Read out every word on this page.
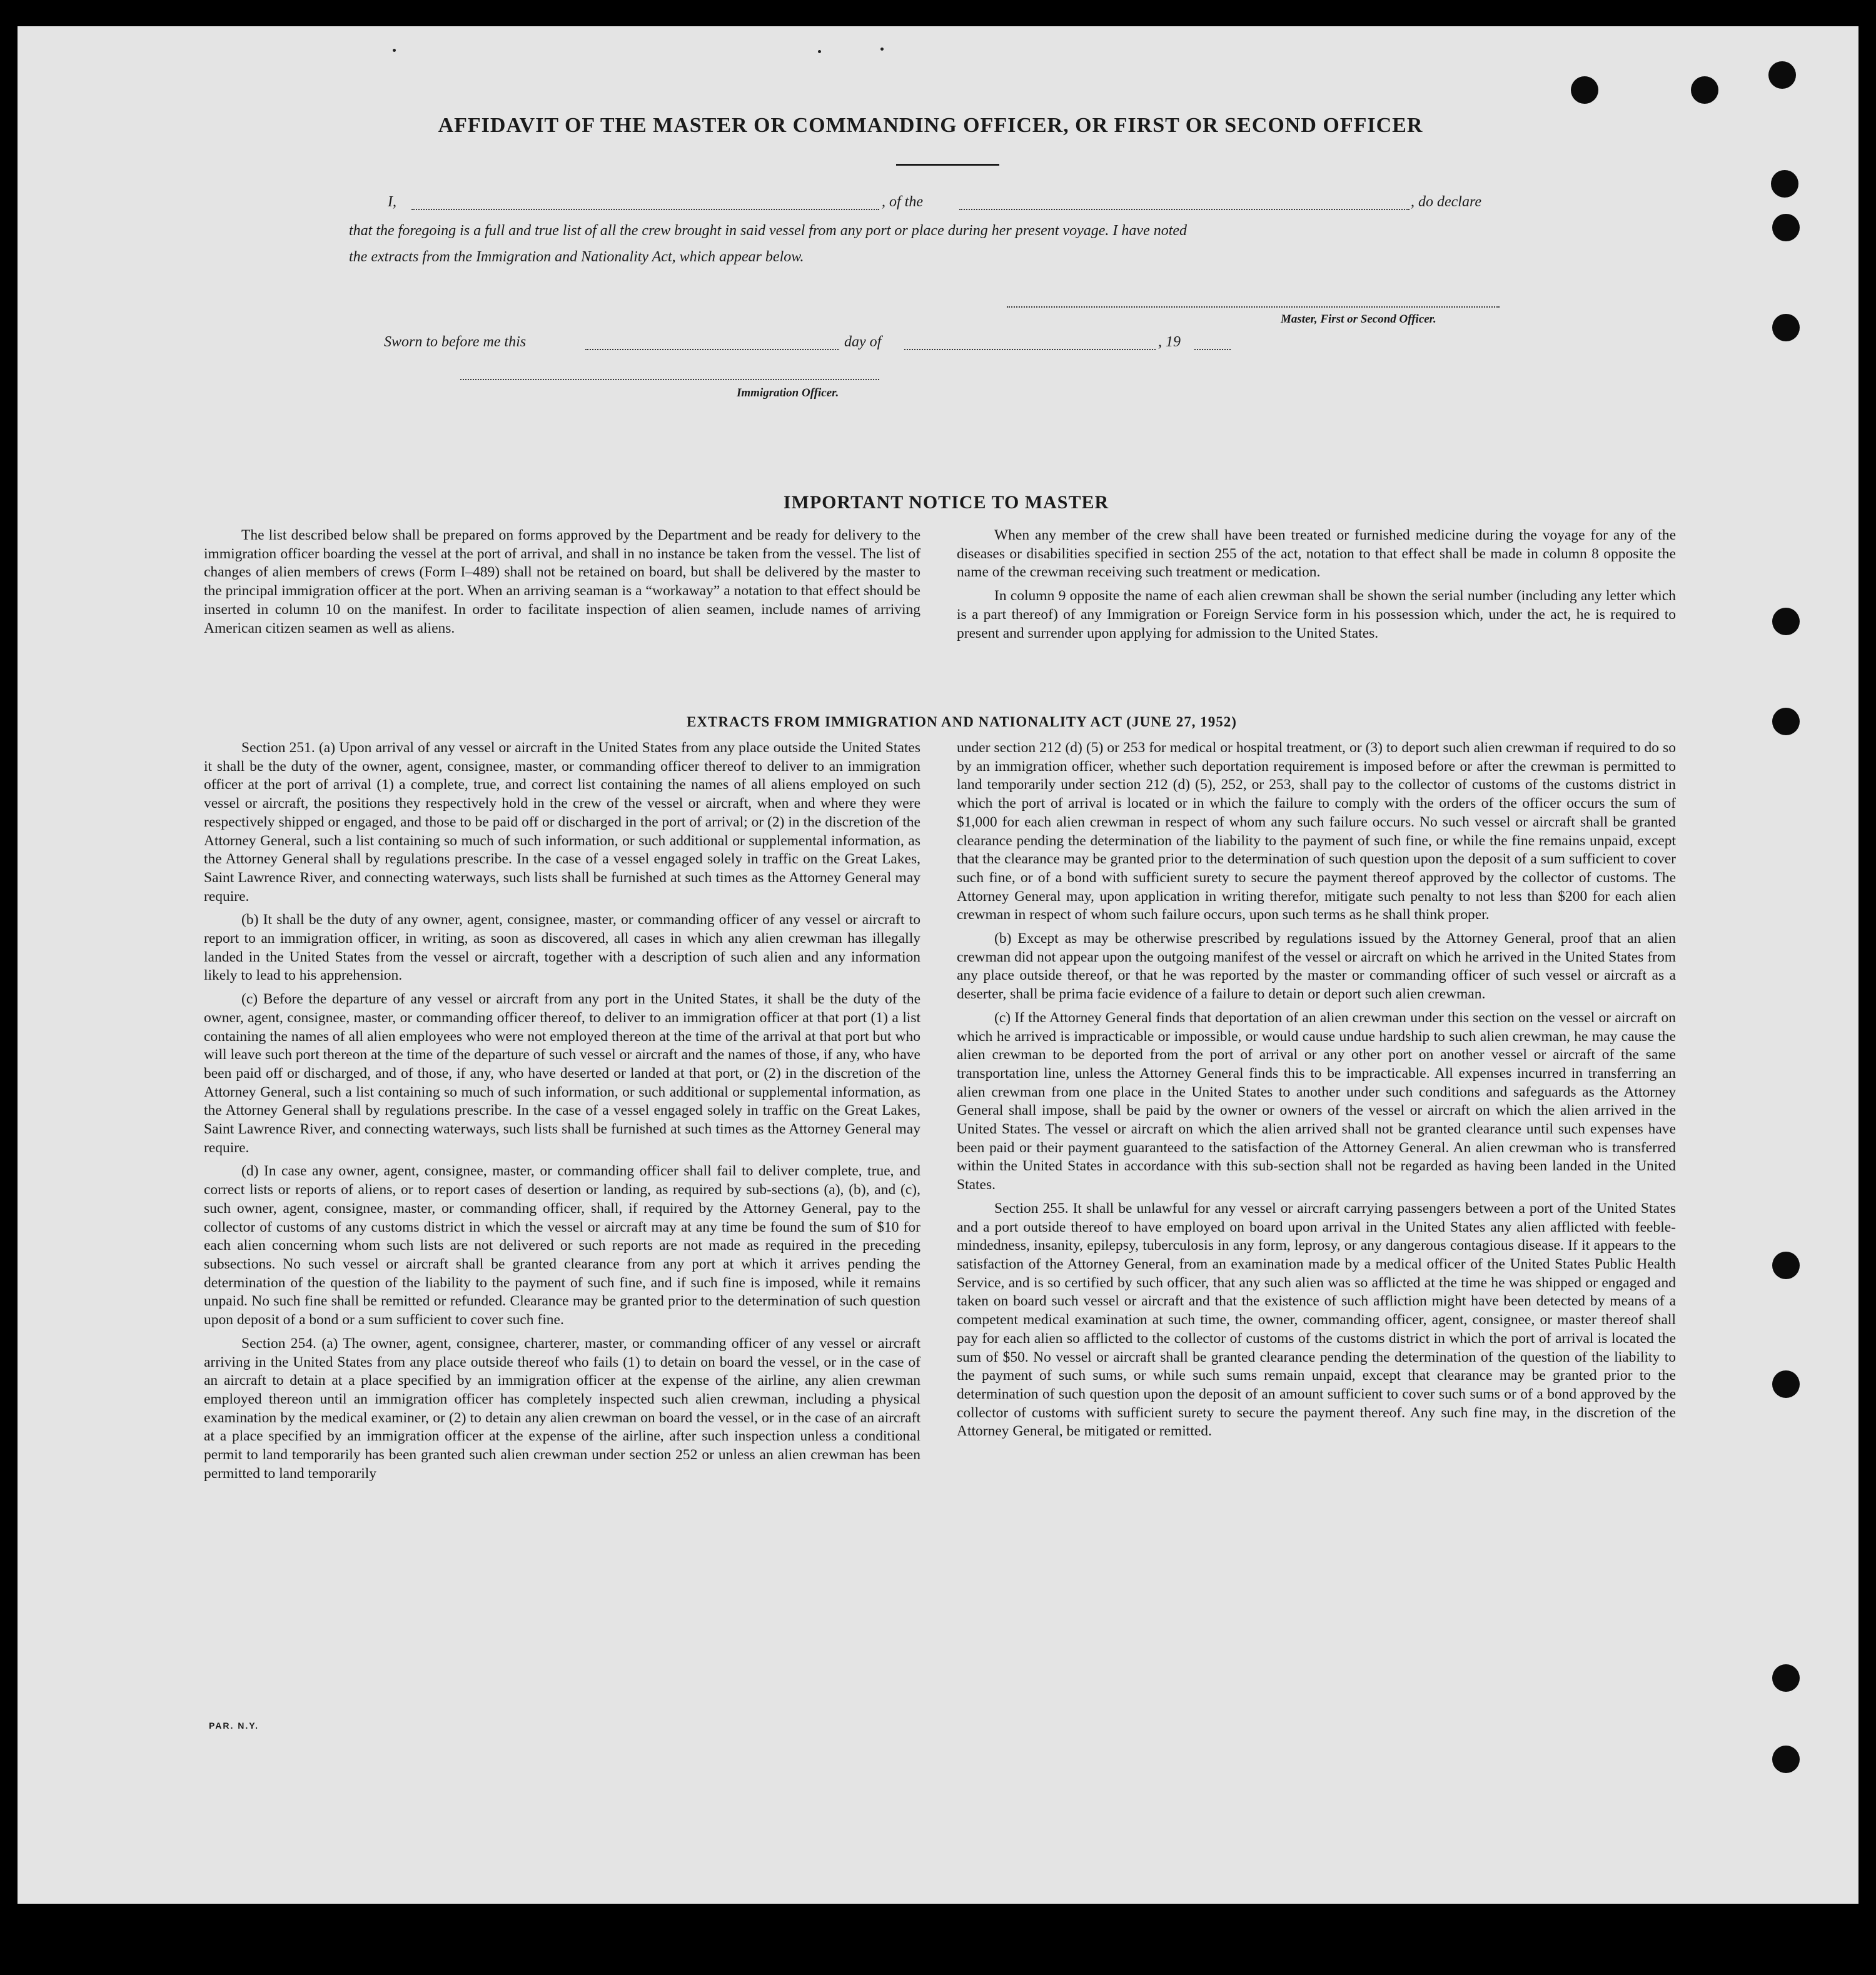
AFFIDAVIT OF THE MASTER OR COMMANDING OFFICER, OR FIRST OR SECOND OFFICER
I,	, of the	, do declare
that the foregoing is a full and true list of all the crew brought in said vessel from any port or place during her present voyage. I have noted
the extracts from the Immigration and Nationality Act, which appear below.
Master, First or Second Officer.
Sworn to before me this	day of	, 19
Immigration Officer.
IMPORTANT NOTICE TO MASTER

The list described below shall be prepared on forms approved by the Department and be ready for delivery to the immigration officer boarding the vessel at the port of arrival, and shall in no instance be taken from the vessel. The list of changes of alien members of crews (Form I–489) shall not be retained on board, but shall be delivered by the master to the principal immigration officer at the port. When an arriving seaman is a “workaway” a notation to that effect should be inserted in column 10 on the manifest. In order to facilitate inspection of alien seamen, include names of arriving American citizen seamen as well as aliens.

When any member of the crew shall have been treated or furnished medicine during the voyage for any of the diseases or disabilities specified in section 255 of the act, notation to that effect shall be made in column 8 opposite the name of the crewman receiving such treatment or medication.

In column 9 opposite the name of each alien crewman shall be shown the serial number (including any letter which is a part thereof) of any Immigration or Foreign Service form in his possession which, under the act, he is required to present and surrender upon applying for admission to the United States.

EXTRACTS FROM IMMIGRATION AND NATIONALITY ACT (JUNE 27, 1952)

Section 251. (a) Upon arrival of any vessel or aircraft in the United States from any place outside the United States it shall be the duty of the owner, agent, consignee, master, or commanding officer thereof to deliver to an immigration officer at the port of arrival (1) a complete, true, and correct list containing the names of all aliens employed on such vessel or aircraft, the positions they respectively hold in the crew of the vessel or aircraft, when and where they were respectively shipped or engaged, and those to be paid off or discharged in the port of arrival; or (2) in the discretion of the Attorney General, such a list containing so much of such information, or such additional or supplemental information, as the Attorney General shall by regulations prescribe. In the case of a vessel engaged solely in traffic on the Great Lakes, Saint Lawrence River, and connecting waterways, such lists shall be furnished at such times as the Attorney General may require.

(b) It shall be the duty of any owner, agent, consignee, master, or commanding officer of any vessel or aircraft to report to an immigration officer, in writing, as soon as discovered, all cases in which any alien crewman has illegally landed in the United States from the vessel or aircraft, together with a description of such alien and any information likely to lead to his apprehension.

(c) Before the departure of any vessel or aircraft from any port in the United States, it shall be the duty of the owner, agent, consignee, master, or commanding officer thereof, to deliver to an immigration officer at that port (1) a list containing the names of all alien employees who were not employed thereon at the time of the arrival at that port but who will leave such port thereon at the time of the departure of such vessel or aircraft and the names of those, if any, who have been paid off or discharged, and of those, if any, who have deserted or landed at that port, or (2) in the discretion of the Attorney General, such a list containing so much of such information, or such additional or supplemental information, as the Attorney General shall by regulations prescribe. In the case of a vessel engaged solely in traffic on the Great Lakes, Saint Lawrence River, and connecting waterways, such lists shall be furnished at such times as the Attorney General may require.

(d) In case any owner, agent, consignee, master, or commanding officer shall fail to deliver complete, true, and correct lists or reports of aliens, or to report cases of desertion or landing, as required by sub-sections (a), (b), and (c), such owner, agent, consignee, master, or commanding officer, shall, if required by the Attorney General, pay to the collector of customs of any customs district in which the vessel or aircraft may at any time be found the sum of $10 for each alien concerning whom such lists are not delivered or such reports are not made as required in the preceding subsections. No such vessel or aircraft shall be granted clearance from any port at which it arrives pending the determination of the question of the liability to the payment of such fine, and if such fine is imposed, while it remains unpaid. No such fine shall be remitted or refunded. Clearance may be granted prior to the determination of such question upon deposit of a bond or a sum sufficient to cover such fine.

Section 254. (a) The owner, agent, consignee, charterer, master, or commanding officer of any vessel or aircraft arriving in the United States from any place outside thereof who fails (1) to detain on board the vessel, or in the case of an aircraft to detain at a place specified by an immigration officer at the expense of the airline, any alien crewman employed thereon until an immigration officer has completely inspected such alien crewman, including a physical examination by the medical examiner, or (2) to detain any alien crewman on board the vessel, or in the case of an aircraft at a place specified by an immigration officer at the expense of the airline, after such inspection unless a conditional permit to land temporarily has been granted such alien crewman under section 252 or unless an alien crewman has been permitted to land temporarily

under section 212 (d) (5) or 253 for medical or hospital treatment, or (3) to deport such alien crewman if required to do so by an immigration officer, whether such deportation requirement is imposed before or after the crewman is permitted to land temporarily under section 212 (d) (5), 252, or 253, shall pay to the collector of customs of the customs district in which the port of arrival is located or in which the failure to comply with the orders of the officer occurs the sum of $1,000 for each alien crewman in respect of whom any such failure occurs. No such vessel or aircraft shall be granted clearance pending the determination of the liability to the payment of such fine, or while the fine remains unpaid, except that the clearance may be granted prior to the determination of such question upon the deposit of a sum sufficient to cover such fine, or of a bond with sufficient surety to secure the payment thereof approved by the collector of customs. The Attorney General may, upon application in writing therefor, mitigate such penalty to not less than $200 for each alien crewman in respect of whom such failure occurs, upon such terms as he shall think proper.

(b) Except as may be otherwise prescribed by regulations issued by the Attorney General, proof that an alien crewman did not appear upon the outgoing manifest of the vessel or aircraft on which he arrived in the United States from any place outside thereof, or that he was reported by the master or commanding officer of such vessel or aircraft as a deserter, shall be prima facie evidence of a failure to detain or deport such alien crewman.

(c) If the Attorney General finds that deportation of an alien crewman under this section on the vessel or aircraft on which he arrived is impracticable or impossible, or would cause undue hardship to such alien crewman, he may cause the alien crewman to be deported from the port of arrival or any other port on another vessel or aircraft of the same transportation line, unless the Attorney General finds this to be impracticable. All expenses incurred in transferring an alien crewman from one place in the United States to another under such conditions and safeguards as the Attorney General shall impose, shall be paid by the owner or owners of the vessel or aircraft on which the alien arrived in the United States. The vessel or aircraft on which the alien arrived shall not be granted clearance until such expenses have been paid or their payment guaranteed to the satisfaction of the Attorney General. An alien crewman who is transferred within the United States in accordance with this sub-section shall not be regarded as having been landed in the United States.

Section 255. It shall be unlawful for any vessel or aircraft carrying passengers between a port of the United States and a port outside thereof to have employed on board upon arrival in the United States any alien afflicted with feeble-mindedness, insanity, epilepsy, tuberculosis in any form, leprosy, or any dangerous contagious disease. If it appears to the satisfaction of the Attorney General, from an examination made by a medical officer of the United States Public Health Service, and is so certified by such officer, that any such alien was so afflicted at the time he was shipped or engaged and taken on board such vessel or aircraft and that the existence of such affliction might have been detected by means of a competent medical examination at such time, the owner, commanding officer, agent, consignee, or master thereof shall pay for each alien so afflicted to the collector of customs of the customs district in which the port of arrival is located the sum of $50. No vessel or aircraft shall be granted clearance pending the determination of the question of the liability to the payment of such sums, or while such sums remain unpaid, except that clearance may be granted prior to the determination of such question upon the deposit of an amount sufficient to cover such sums or of a bond approved by the collector of customs with sufficient surety to secure the payment thereof. Any such fine may, in the discretion of the Attorney General, be mitigated or remitted.

PAR. N.Y.
